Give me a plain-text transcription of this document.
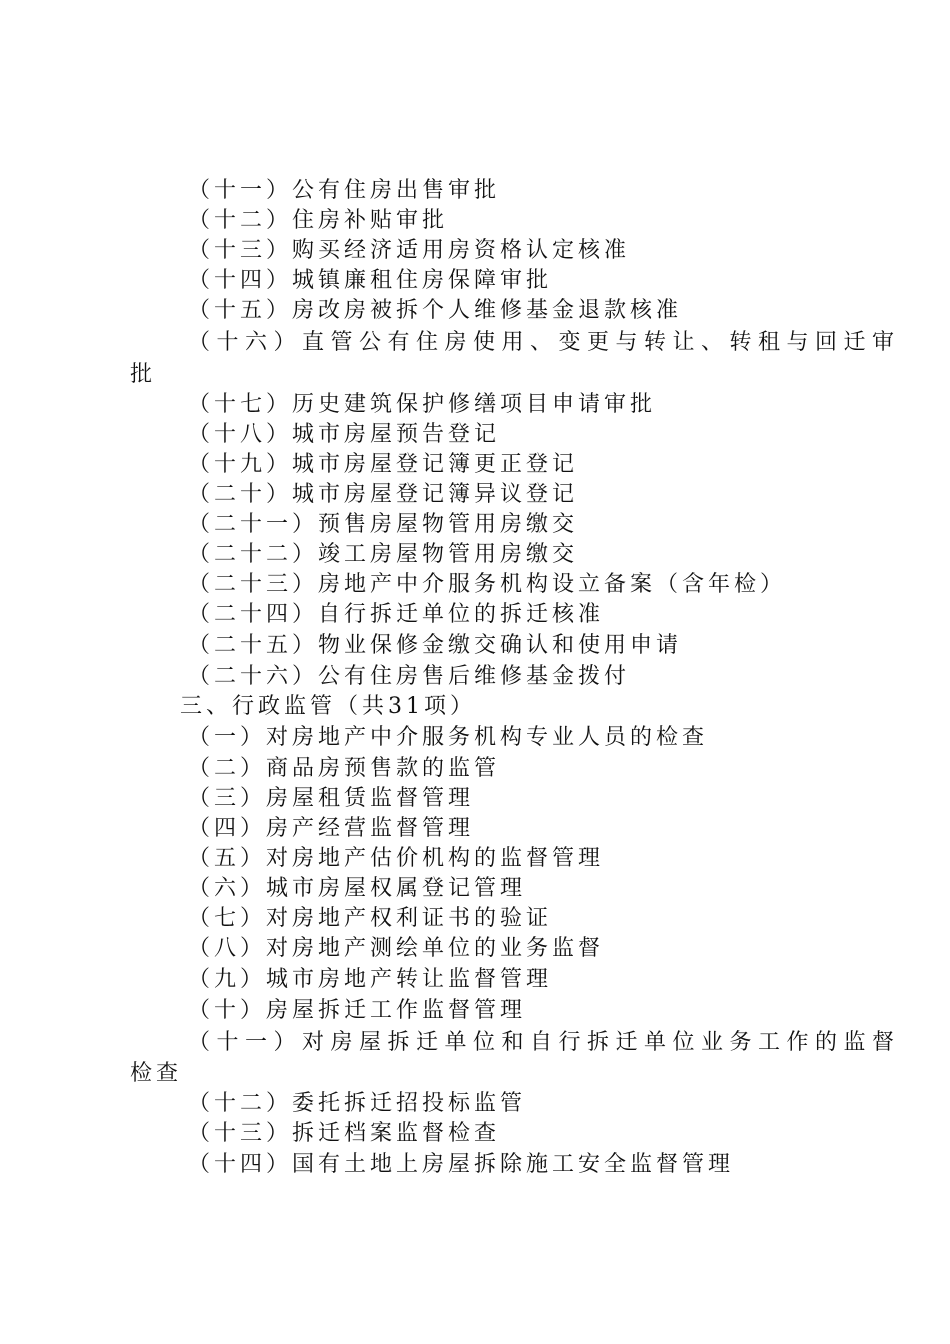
（十一）公有住房出售审批
（十二）住房补贴审批
（十三）购买经济适用房资格认定核准
（十四）城镇廉租住房保障审批
（十五）房改房被拆个人维修基金退款核准
（十六）直管公有住房使用、变更与转让、转租与回迁审
批
（十七）历史建筑保护修缮项目申请审批
（十八）城市房屋预告登记
（十九）城市房屋登记簿更正登记
（二十）城市房屋登记簿异议登记
（二十一）预售房屋物管用房缴交
（二十二）竣工房屋物管用房缴交
（二十三）房地产中介服务机构设立备案（含年检）
（二十四）自行拆迁单位的拆迁核准
（二十五）物业保修金缴交确认和使用申请
（二十六）公有住房售后维修基金拨付
三、行政监管（共31项）
（一）对房地产中介服务机构专业人员的检查
（二）商品房预售款的监管
（三）房屋租赁监督管理
（四）房产经营监督管理
（五）对房地产估价机构的监督管理
（六）城市房屋权属登记管理
（七）对房地产权利证书的验证
（八）对房地产测绘单位的业务监督
（九）城市房地产转让监督管理
（十）房屋拆迁工作监督管理
（十一）对房屋拆迁单位和自行拆迁单位业务工作的监督
检查
（十二）委托拆迁招投标监管
（十三）拆迁档案监督检查
（十四）国有土地上房屋拆除施工安全监督管理
